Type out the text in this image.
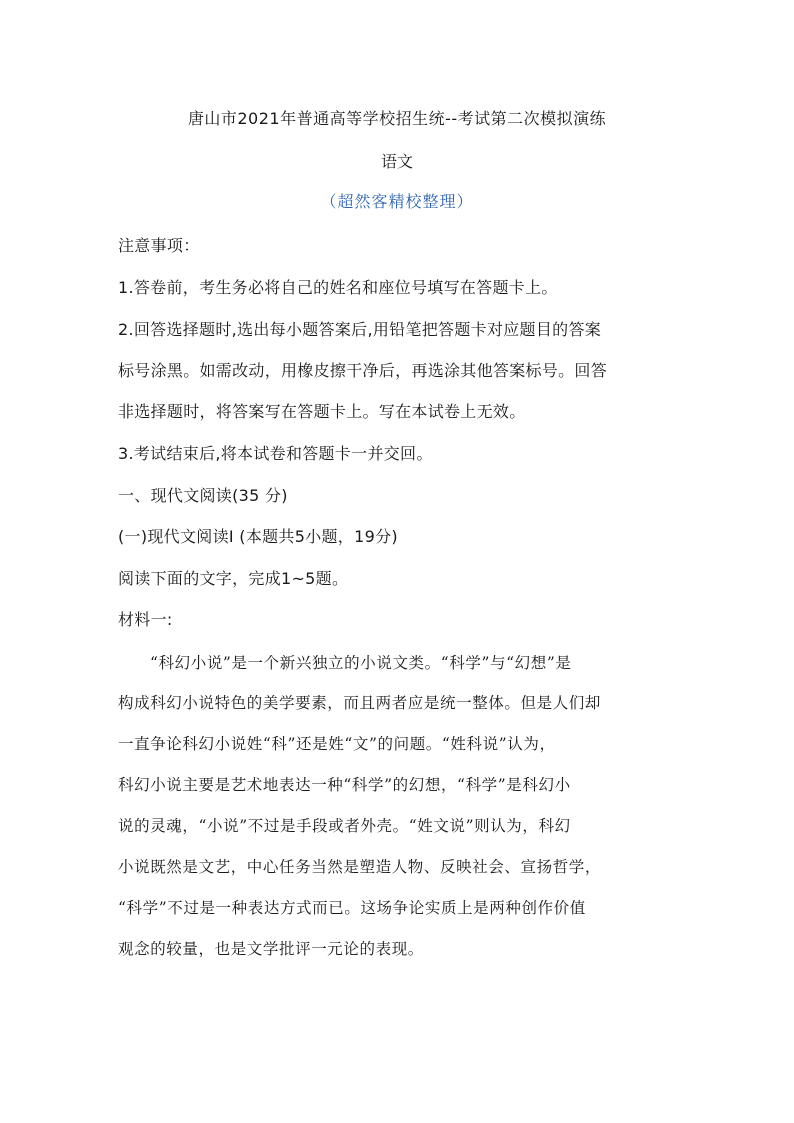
唐山市2021年普通高等学校招生统--考试第二次模拟演练
语文
（超然客精校整理）
注意事项：
1.答卷前，考生务必将自己的姓名和座位号填写在答题卡上。
2.回答选择题时,选出每小题答案后,用铅笔把答题卡对应题目的答案
标号涂黑。如需改动，用橡皮擦干净后，再选涂其他答案标号。回答
非选择题时，将答案写在答题卡上。写在本试卷上无效。
3.考试结束后,将本试卷和答题卡一并交回。
一、现代文阅读(35 分)
(一)现代文阅读Ⅰ (本题共5小题，19分)
阅读下面的文字，完成1~5题。
材料一:
“科幻小说”是一个新兴独立的小说文类。“科学”与“幻想”是
构成科幻小说特色的美学要素，而且两者应是统一整体。但是人们却
一直争论科幻小说姓“科”还是姓“文”的问题。“姓科说”认为，
科幻小说主要是艺术地表达一种“科学”的幻想，“科学”是科幻小
说的灵魂，“小说”不过是手段或者外壳。“姓文说”则认为，科幻
小说既然是文艺，中心任务当然是塑造人物、反映社会、宣扬哲学，
“科学”不过是一种表达方式而已。这场争论实质上是两种创作价值
观念的较量，也是文学批评一元论的表现。
